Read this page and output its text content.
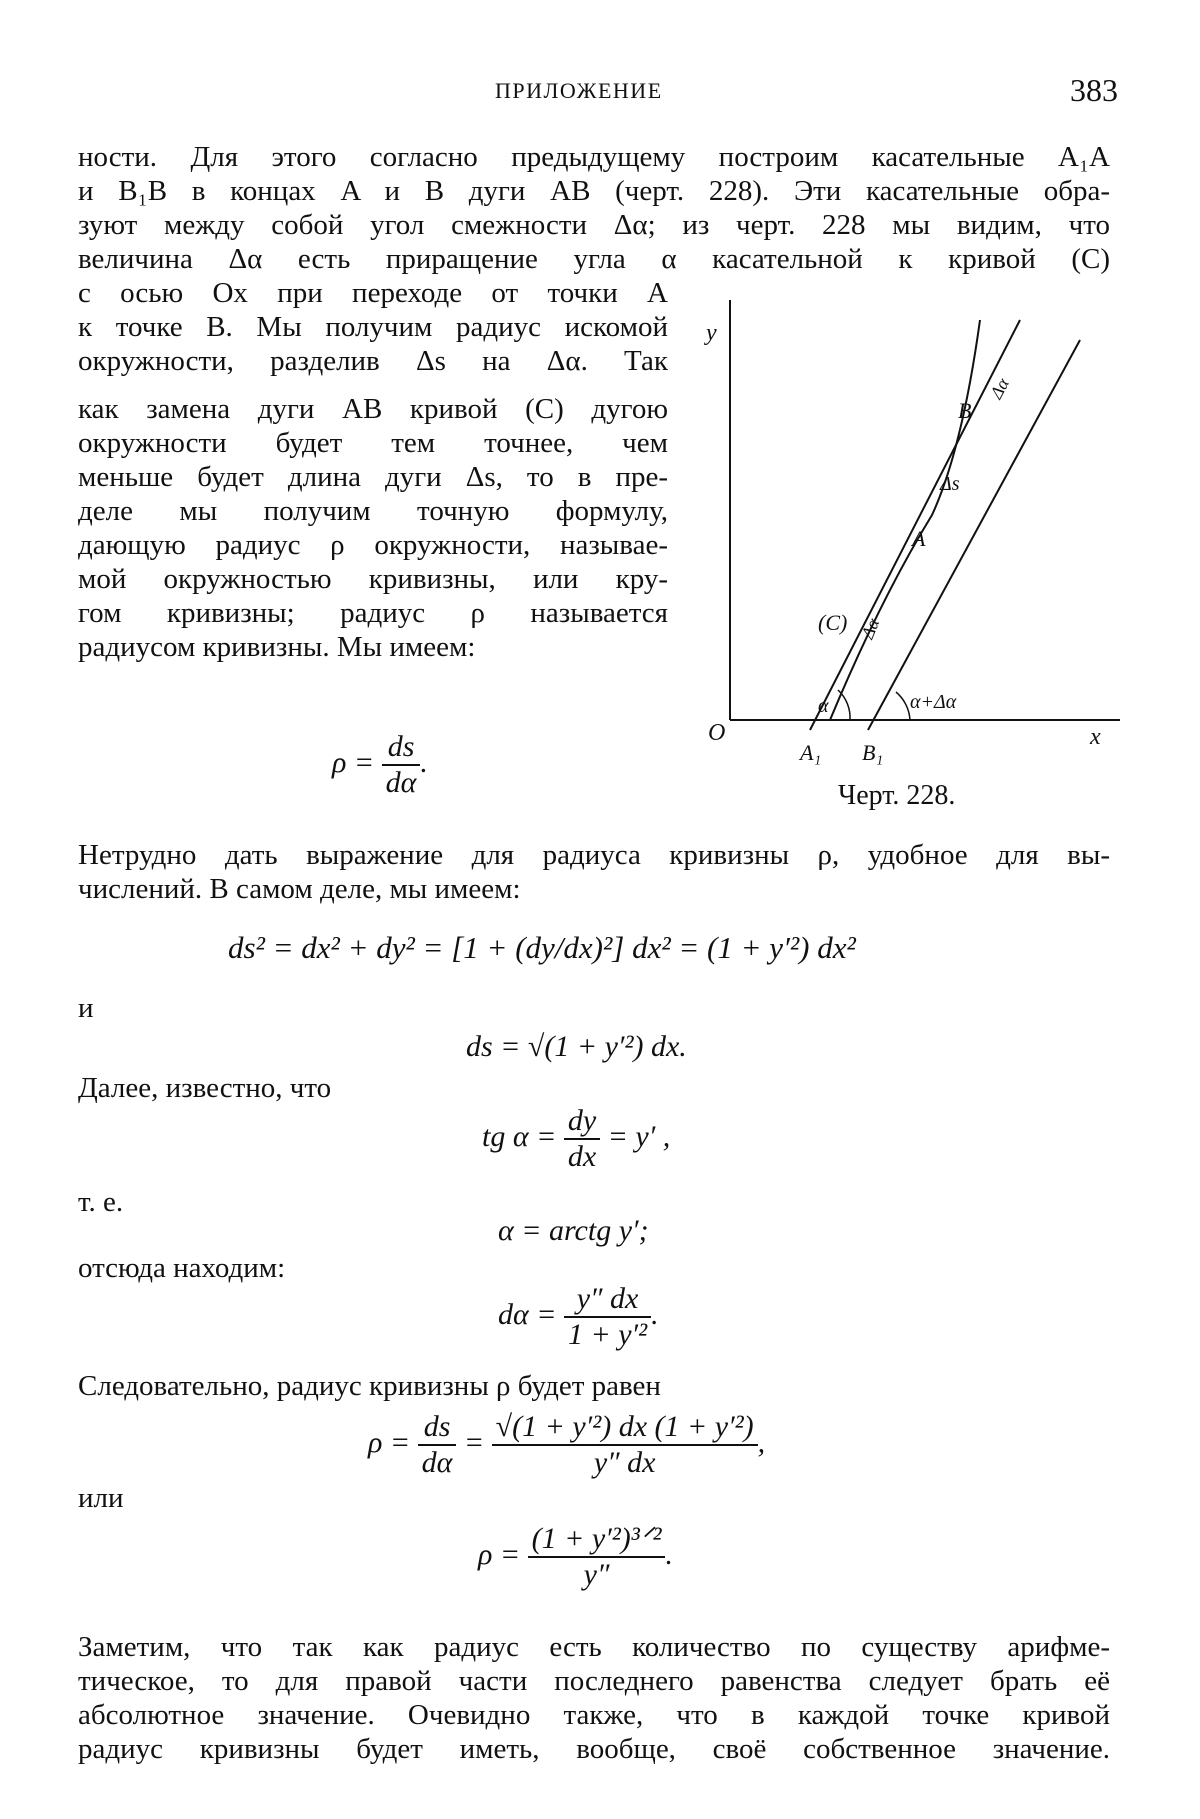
ПРИЛОЖЕНИЕ	383
ности. Для этого согласно предыдущему построим касательные A₁A
и B₁B в концах A и B дуги AB (черт. 228). Эти касательные обра-
зуют между собой угол смежности Δα; из черт. 228 мы видим, что
величина Δα есть приращение угла α касательной к кривой (C)
с осью Ox при переходе от точки A
к точке B. Мы получим радиус искомой
окружности, разделив Δs на Δα. Так
как замена дуги AB кривой (C) дугою
окружности будет тем точнее, чем
меньше будет длина дуги Δs, то в пре-
деле мы получим точную формулу,
дающую радиус ρ окружности, называе-
мой окружностью кривизны, или кру-
гом кривизны; радиус ρ называется
радиусом кривизны. Мы имеем:
$\rho = \frac{ds}{d\alpha}$ .
y
x
O
α	α+Δα
A₁ B₁
A
B
(C)
Δs
Δα
Δα
Черт. 228.
Нетрудно дать выражение для радиуса кривизны ρ, удобное для вы-
числений. В самом деле, мы имеем:
ds² = dx² + dy² = [1 + (dy/dx)²] dx² = (1 + y′²) dx²
и
ds = √(1 + y′²) dx.
Далее, известно, что
tg $\alpha = \frac{dy}{dx} = y'$ ,
т. е.
α = arctg y′;
отсюда находим:
$d\alpha = \frac{y'' dx}{\text{1 + y′²}}$ .
Следовательно, радиус кривизны ρ будет равен
$\rho = \frac{ds}{d\alpha} = \frac{\text{√(1 + y′²) dx (1 + y′²)}}{y'' dx}$ ,
или
$\rho = \frac{\text{(1 + y′²)³ᐟ²}}{y''}$ .
Заметим, что так как радиус есть количество по существу арифме-
тическое, то для правой части последнего равенства следует брать её
абсолютное значение. Очевидно также, что в каждой точке кривой
радиус кривизны будет иметь, вообще, своё собственное значение.
